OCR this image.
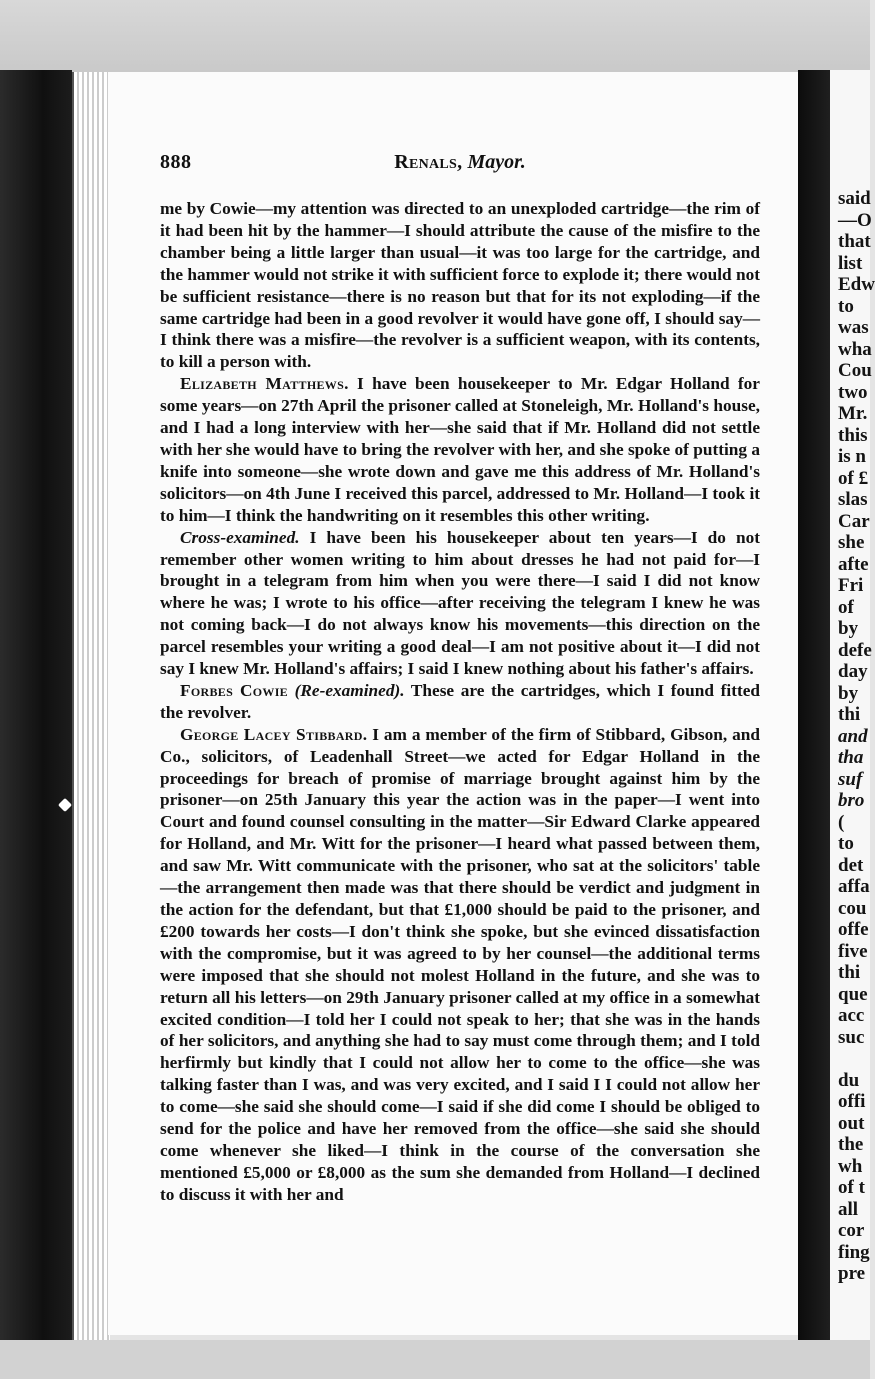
said
—O
that
list
Edw
to
was
wha
Cou
two
Mr.
this
is n
of £
slas
Car
she
afte
Fri
of
by
defe
day
by
thi
and
tha
suf
bro
(
to
det
affa
cou
offe
five
thi
que
acc
suc
du
offi
out
the
wh
of t
all
cor
fing
pre
888	Renals, Mayor.

me by Cowie—my attention was directed to an unexploded cartridge—the rim of it had been hit by the hammer—I should attribute the cause of the misfire to the chamber being a little larger than usual—it was too large for the cartridge, and the hammer would not strike it with sufficient force to explode it; there would not be sufficient resistance—there is no reason but that for its not exploding—if the same cartridge had been in a good revolver it would have gone off, I should say—I think there was a misfire—the revolver is a sufficient weapon, with its contents, to kill a person with.

Elizabeth Matthews. I have been housekeeper to Mr. Edgar Holland for some years—on 27th April the prisoner called at Stoneleigh, Mr. Holland's house, and I had a long interview with her—she said that if Mr. Holland did not settle with her she would have to bring the revolver with her, and she spoke of putting a knife into someone—she wrote down and gave me this address of Mr. Holland's solicitors—on 4th June I received this parcel, addressed to Mr. Holland—I took it to him—I think the handwriting on it resembles this other writing.

Cross-examined. I have been his housekeeper about ten years—I do not remember other women writing to him about dresses he had not paid for—I brought in a telegram from him when you were there—I said I did not know where he was; I wrote to his office—after receiving the telegram I knew he was not coming back—I do not always know his movements—this direction on the parcel resembles your writing a good deal—I am not positive about it—I did not say I knew Mr. Holland's affairs; I said I knew nothing about his father's affairs.

Forbes Cowie (Re-examined). These are the cartridges, which I found fitted the revolver.

George Lacey Stibbard. I am a member of the firm of Stibbard, Gibson, and Co., solicitors, of Leadenhall Street—we acted for Edgar Holland in the proceedings for breach of promise of marriage brought against him by the prisoner—on 25th January this year the action was in the paper—I went into Court and found counsel consulting in the matter—Sir Edward Clarke appeared for Holland, and Mr. Witt for the prisoner—I heard what passed between them, and saw Mr. Witt communicate with the prisoner, who sat at the solicitors' table—the arrangement then made was that there should be verdict and judgment in the action for the defendant, but that £1,000 should be paid to the prisoner, and £200 towards her costs—I don't think she spoke, but she evinced dissatisfaction with the compromise, but it was agreed to by her counsel—the additional terms were imposed that she should not molest Holland in the future, and she was to return all his letters—on 29th January prisoner called at my office in a somewhat excited condition—I told her I could not speak to her; that she was in the hands of her solicitors, and anything she had to say must come through them; and I told herfirmly but kindly that I could not allow her to come to the office—she was talking faster than I was, and was very excited, and I said I I could not allow her to come—she said she should come—I said if she did come I should be obliged to send for the police and have her removed from the office—she said she should come whenever she liked—I think in the course of the conversation she mentioned £5,000 or £8,000 as the sum she demanded from Holland—I declined to discuss it with her and
